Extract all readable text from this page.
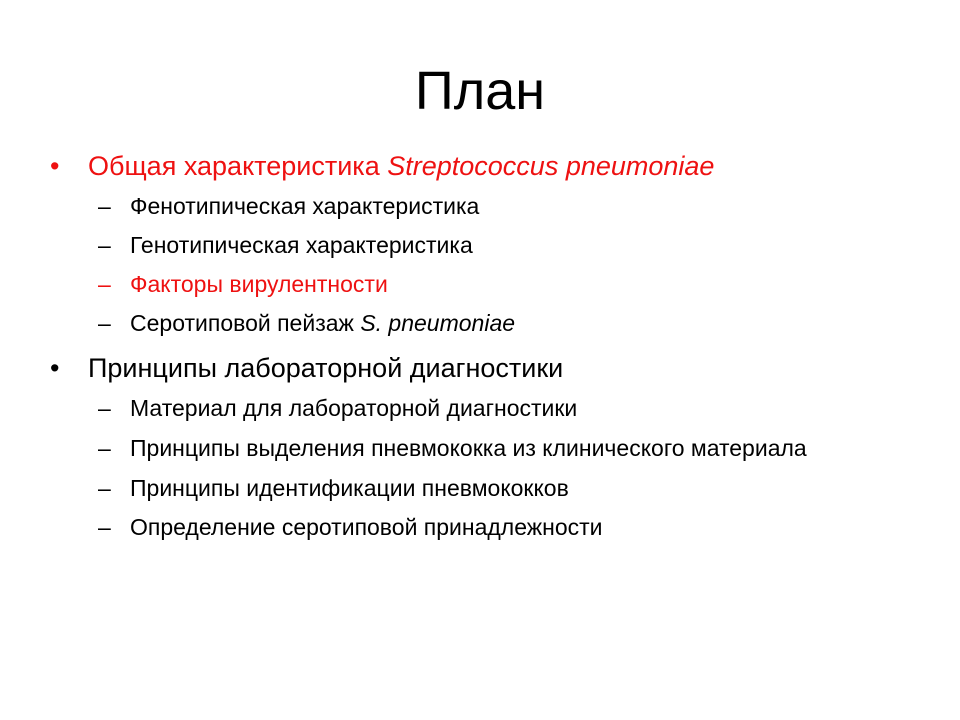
План
•	Общая характеристика Streptococcus pneumoniae
– Фенотипическая характеристика
– Генотипическая характеристика
– Факторы вирулентности
– Серотиповой пейзаж S. pneumoniae
•	Принципы лабораторной диагностики
– Материал для лабораторной диагностики
– Принципы выделения пневмококка из клинического материала
– Принципы идентификации пневмококков
– Определение серотиповой принадлежности
